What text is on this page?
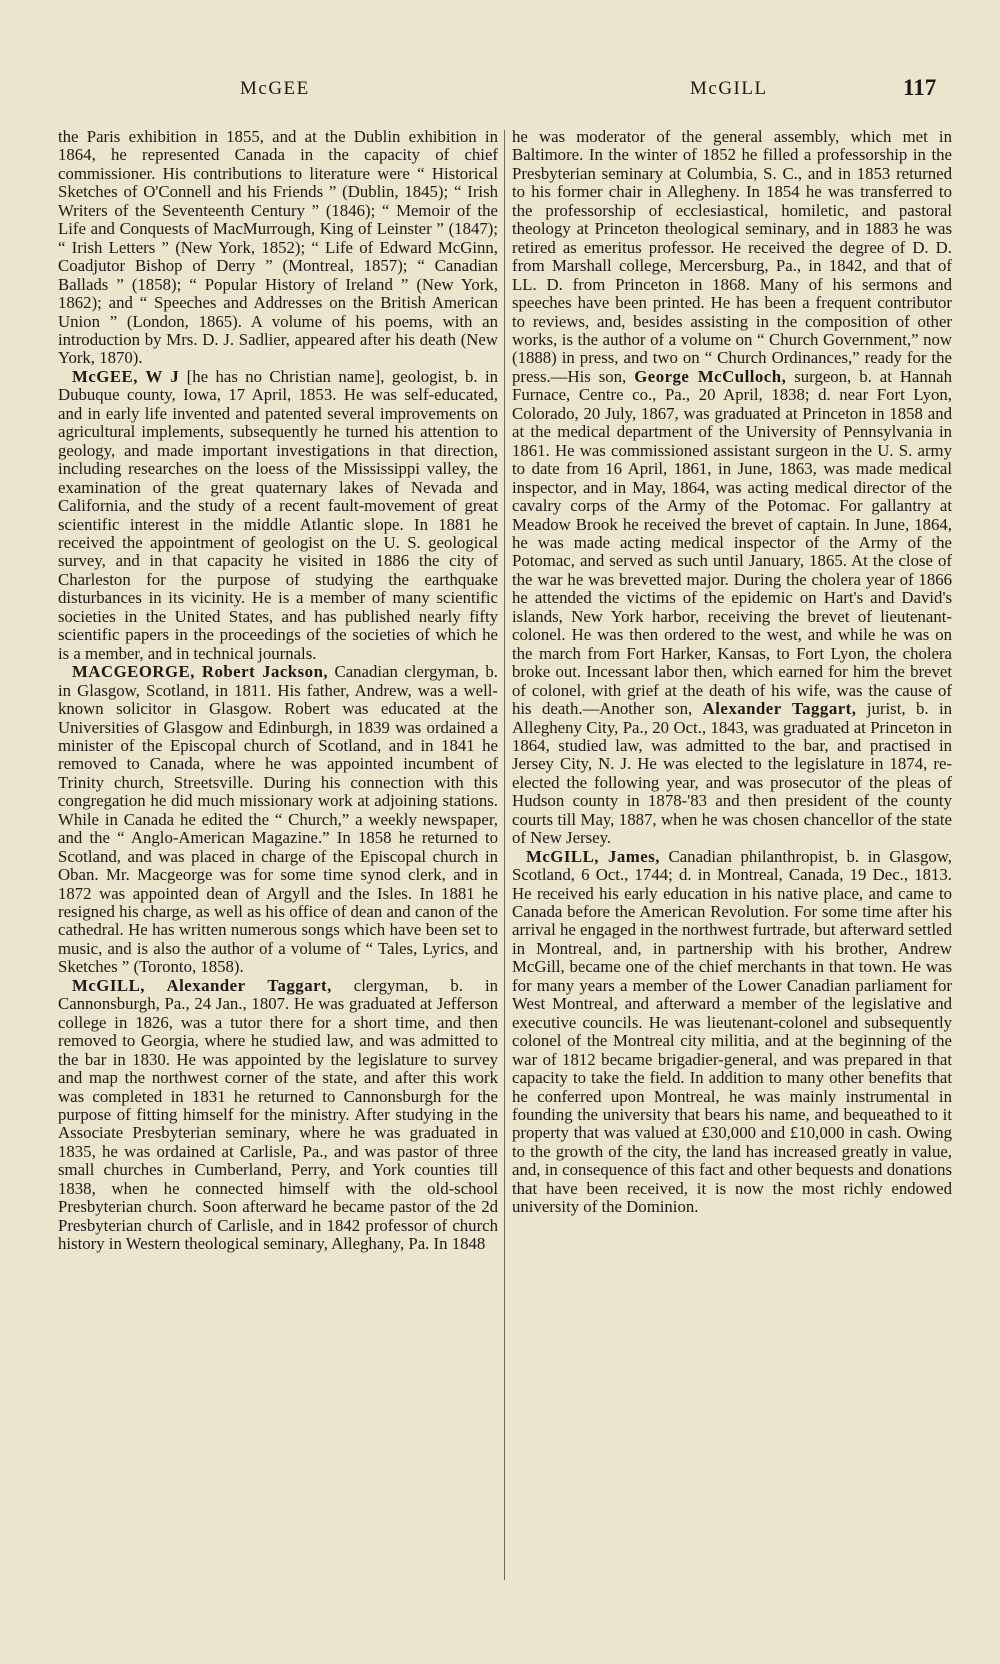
McGEE	McGILL	117

the Paris exhibition in 1855, and at the Dublin exhibition in 1864, he represented Canada in the capacity of chief commissioner. His contributions to literature were “ Historical Sketches of O'Connell and his Friends ” (Dublin, 1845); “ Irish Writers of the Seventeenth Century ” (1846); “ Memoir of the Life and Conquests of MacMurrough, King of Leinster ” (1847); “ Irish Letters ” (New York, 1852); “ Life of Edward McGinn, Coadjutor Bishop of Derry ” (Montreal, 1857); “ Canadian Ballads ” (1858); “ Popular History of Ireland ” (New York, 1862); and “ Speeches and Addresses on the British American Union ” (London, 1865). A volume of his poems, with an introduction by Mrs. D. J. Sadlier, appeared after his death (New York, 1870).

McGEE, W J [he has no Christian name], geologist, b. in Dubuque county, Iowa, 17 April, 1853. He was self-educated, and in early life invented and patented several improvements on agricultural implements, subsequently he turned his attention to geology, and made important investigations in that direction, including researches on the loess of the Mississippi valley, the examination of the great quaternary lakes of Nevada and California, and the study of a recent fault-movement of great scientific interest in the middle Atlantic slope. In 1881 he received the appointment of geologist on the U. S. geological survey, and in that capacity he visited in 1886 the city of Charleston for the purpose of studying the earthquake disturbances in its vicinity. He is a member of many scientific societies in the United States, and has published nearly fifty scientific papers in the proceedings of the societies of which he is a member, and in technical journals.

MACGEORGE, Robert Jackson, Canadian clergyman, b. in Glasgow, Scotland, in 1811. His father, Andrew, was a well-known solicitor in Glasgow. Robert was educated at the Universities of Glasgow and Edinburgh, in 1839 was ordained a minister of the Episcopal church of Scotland, and in 1841 he removed to Canada, where he was appointed incumbent of Trinity church, Streetsville. During his connection with this congregation he did much missionary work at adjoining stations. While in Canada he edited the “ Church,” a weekly newspaper, and the “ Anglo-American Magazine.” In 1858 he returned to Scotland, and was placed in charge of the Episcopal church in Oban. Mr. Macgeorge was for some time synod clerk, and in 1872 was appointed dean of Argyll and the Isles. In 1881 he resigned his charge, as well as his office of dean and canon of the cathedral. He has written numerous songs which have been set to music, and is also the author of a volume of “ Tales, Lyrics, and Sketches ” (Toronto, 1858).

McGILL, Alexander Taggart, clergyman, b. in Cannonsburgh, Pa., 24 Jan., 1807. He was graduated at Jefferson college in 1826, was a tutor there for a short time, and then removed to Georgia, where he studied law, and was admitted to the bar in 1830. He was appointed by the legislature to survey and map the northwest corner of the state, and after this work was completed in 1831 he returned to Cannonsburgh for the purpose of fitting himself for the ministry. After studying in the Associate Presbyterian seminary, where he was graduated in 1835, he was ordained at Carlisle, Pa., and was pastor of three small churches in Cumberland, Perry, and York counties till 1838, when he connected himself with the old-school Presbyterian church. Soon afterward he became pastor of the 2d Presbyterian church of Carlisle, and in 1842 professor of church history in Western theological seminary, Alleghany, Pa. In 1848

he was moderator of the general assembly, which met in Baltimore. In the winter of 1852 he filled a professorship in the Presbyterian seminary at Columbia, S. C., and in 1853 returned to his former chair in Allegheny. In 1854 he was transferred to the professorship of ecclesiastical, homiletic, and pastoral theology at Princeton theological seminary, and in 1883 he was retired as emeritus professor. He received the degree of D. D. from Marshall college, Mercersburg, Pa., in 1842, and that of LL. D. from Princeton in 1868. Many of his sermons and speeches have been printed. He has been a frequent contributor to reviews, and, besides assisting in the composition of other works, is the author of a volume on “ Church Government,” now (1888) in press, and two on “ Church Ordinances,” ready for the press.—His son, George McCulloch, surgeon, b. at Hannah Furnace, Centre co., Pa., 20 April, 1838; d. near Fort Lyon, Colorado, 20 July, 1867, was graduated at Princeton in 1858 and at the medical department of the University of Pennsylvania in 1861. He was commissioned assistant surgeon in the U. S. army to date from 16 April, 1861, in June, 1863, was made medical inspector, and in May, 1864, was acting medical director of the cavalry corps of the Army of the Potomac. For gallantry at Meadow Brook he received the brevet of captain. In June, 1864, he was made acting medical inspector of the Army of the Potomac, and served as such until January, 1865. At the close of the war he was brevetted major. During the cholera year of 1866 he attended the victims of the epidemic on Hart's and David's islands, New York harbor, receiving the brevet of lieutenant-colonel. He was then ordered to the west, and while he was on the march from Fort Harker, Kansas, to Fort Lyon, the cholera broke out. Incessant labor then, which earned for him the brevet of colonel, with grief at the death of his wife, was the cause of his death.—Another son, Alexander Taggart, jurist, b. in Allegheny City, Pa., 20 Oct., 1843, was graduated at Princeton in 1864, studied law, was admitted to the bar, and practised in Jersey City, N. J. He was elected to the legislature in 1874, re-elected the following year, and was prosecutor of the pleas of Hudson county in 1878-'83 and then president of the county courts till May, 1887, when he was chosen chancellor of the state of New Jersey.

McGILL, James, Canadian philanthropist, b. in Glasgow, Scotland, 6 Oct., 1744; d. in Montreal, Canada, 19 Dec., 1813. He received his early education in his native place, and came to Canada before the American Revolution. For some time after his arrival he engaged in the northwest furtrade, but afterward settled in Montreal, and, in partnership with his brother, Andrew McGill, became one of the chief merchants in that town. He was for many years a member of the Lower Canadian parliament for West Montreal, and afterward a member of the legislative and executive councils. He was lieutenant-colonel and subsequently colonel of the Montreal city militia, and at the beginning of the war of 1812 became brigadier-general, and was prepared in that capacity to take the field. In addition to many other benefits that he conferred upon Montreal, he was mainly instrumental in founding the university that bears his name, and bequeathed to it property that was valued at £30,000 and £10,000 in cash. Owing to the growth of the city, the land has increased greatly in value, and, in consequence of this fact and other bequests and donations that have been received, it is now the most richly endowed university of the Dominion.
